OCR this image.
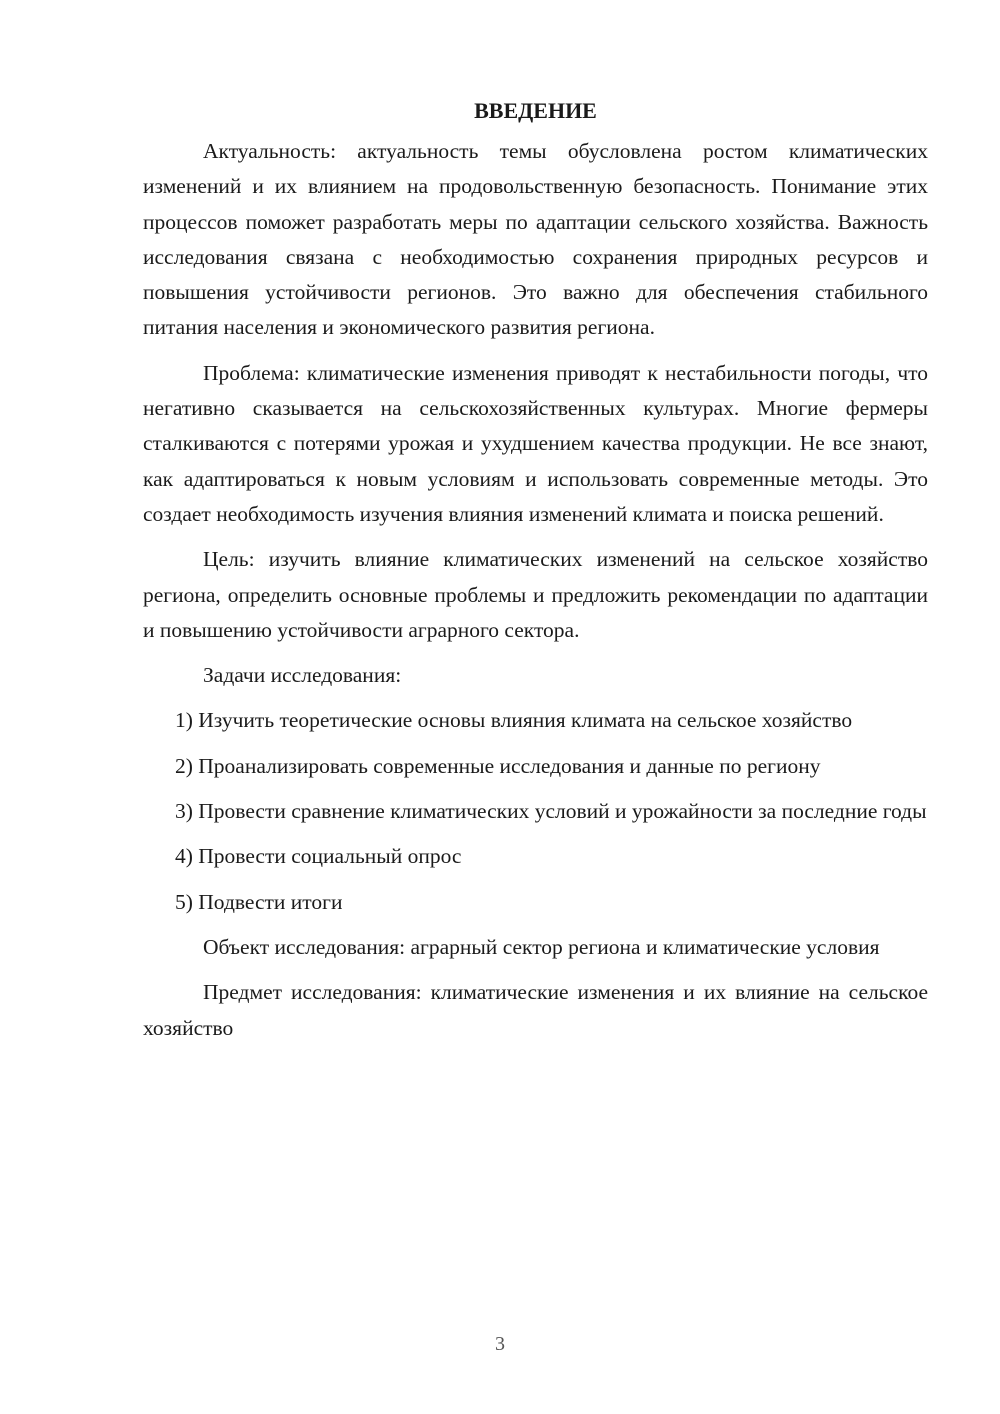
ВВЕДЕНИЕ

Актуальность: актуальность темы обусловлена ростом климатических изменений и их влиянием на продовольственную безопасность. Понимание этих процессов поможет разработать меры по адаптации сельского хозяйства. Важность исследования связана с необходимостью сохранения природных ресурсов и повышения устойчивости регионов. Это важно для обеспечения стабильного питания населения и экономического развития региона.

Проблема: климатические изменения приводят к нестабильности погоды, что негативно сказывается на сельскохозяйственных культурах. Многие фермеры сталкиваются с потерями урожая и ухудшением качества продукции. Не все знают, как адаптироваться к новым условиям и использовать современные методы. Это создает необходимость изучения влияния изменений климата и поиска решений.

Цель: изучить влияние климатических изменений на сельское хозяйство региона, определить основные проблемы и предложить рекомендации по адаптации и повышению устойчивости аграрного сектора.

Задачи исследования:

1) Изучить теоретические основы влияния климата на сельское хозяйство

2) Проанализировать современные исследования и данные по региону

3) Провести сравнение климатических условий и урожайности за последние годы

4) Провести социальный опрос

5) Подвести итоги

Объект исследования: аграрный сектор региона и климатические условия

Предмет исследования: климатические изменения и их влияние на сельское хозяйство

3
